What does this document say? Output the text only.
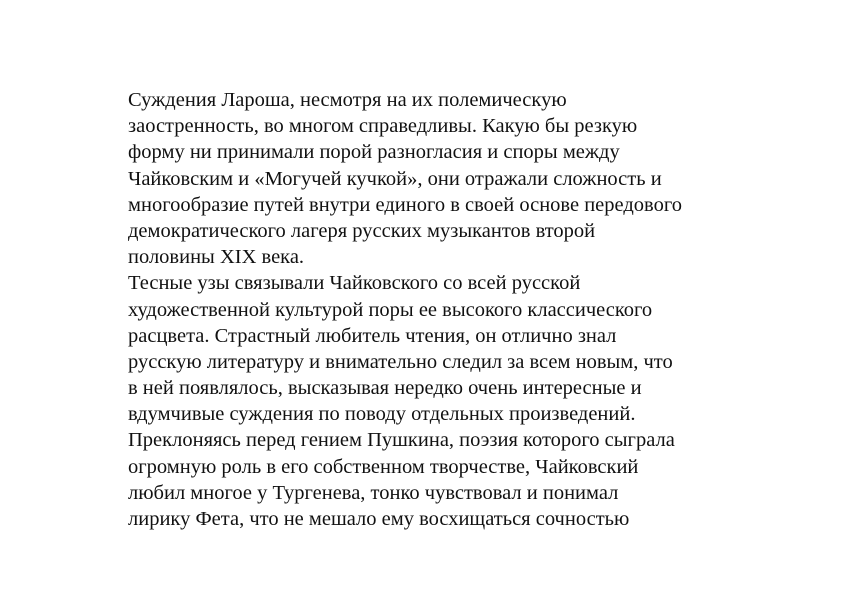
Суждения Лароша, несмотря на их полемическую
заостренность, во многом справедливы. Какую бы резкую
форму ни принимали порой разногласия и споры между
Чайковским и «Могучей кучкой», они отражали сложность и
многообразие путей внутри единого в своей основе передового
демократического лагеря русских музыкантов второй
половины XIX века.
Тесные узы связывали Чайковского со всей русской
художественной культурой поры ее высокого классического
расцвета. Страстный любитель чтения, он отлично знал
русскую литературу и внимательно следил за всем новым, что
в ней появлялось, высказывая нередко очень интересные и
вдумчивые суждения по поводу отдельных произведений.
Преклоняясь перед гением Пушкина, поэзия которого сыграла
огромную роль в его собственном творчестве, Чайковский
любил многое у Тургенева, тонко чувствовал и понимал
лирику Фета, что не мешало ему восхищаться сочностью
